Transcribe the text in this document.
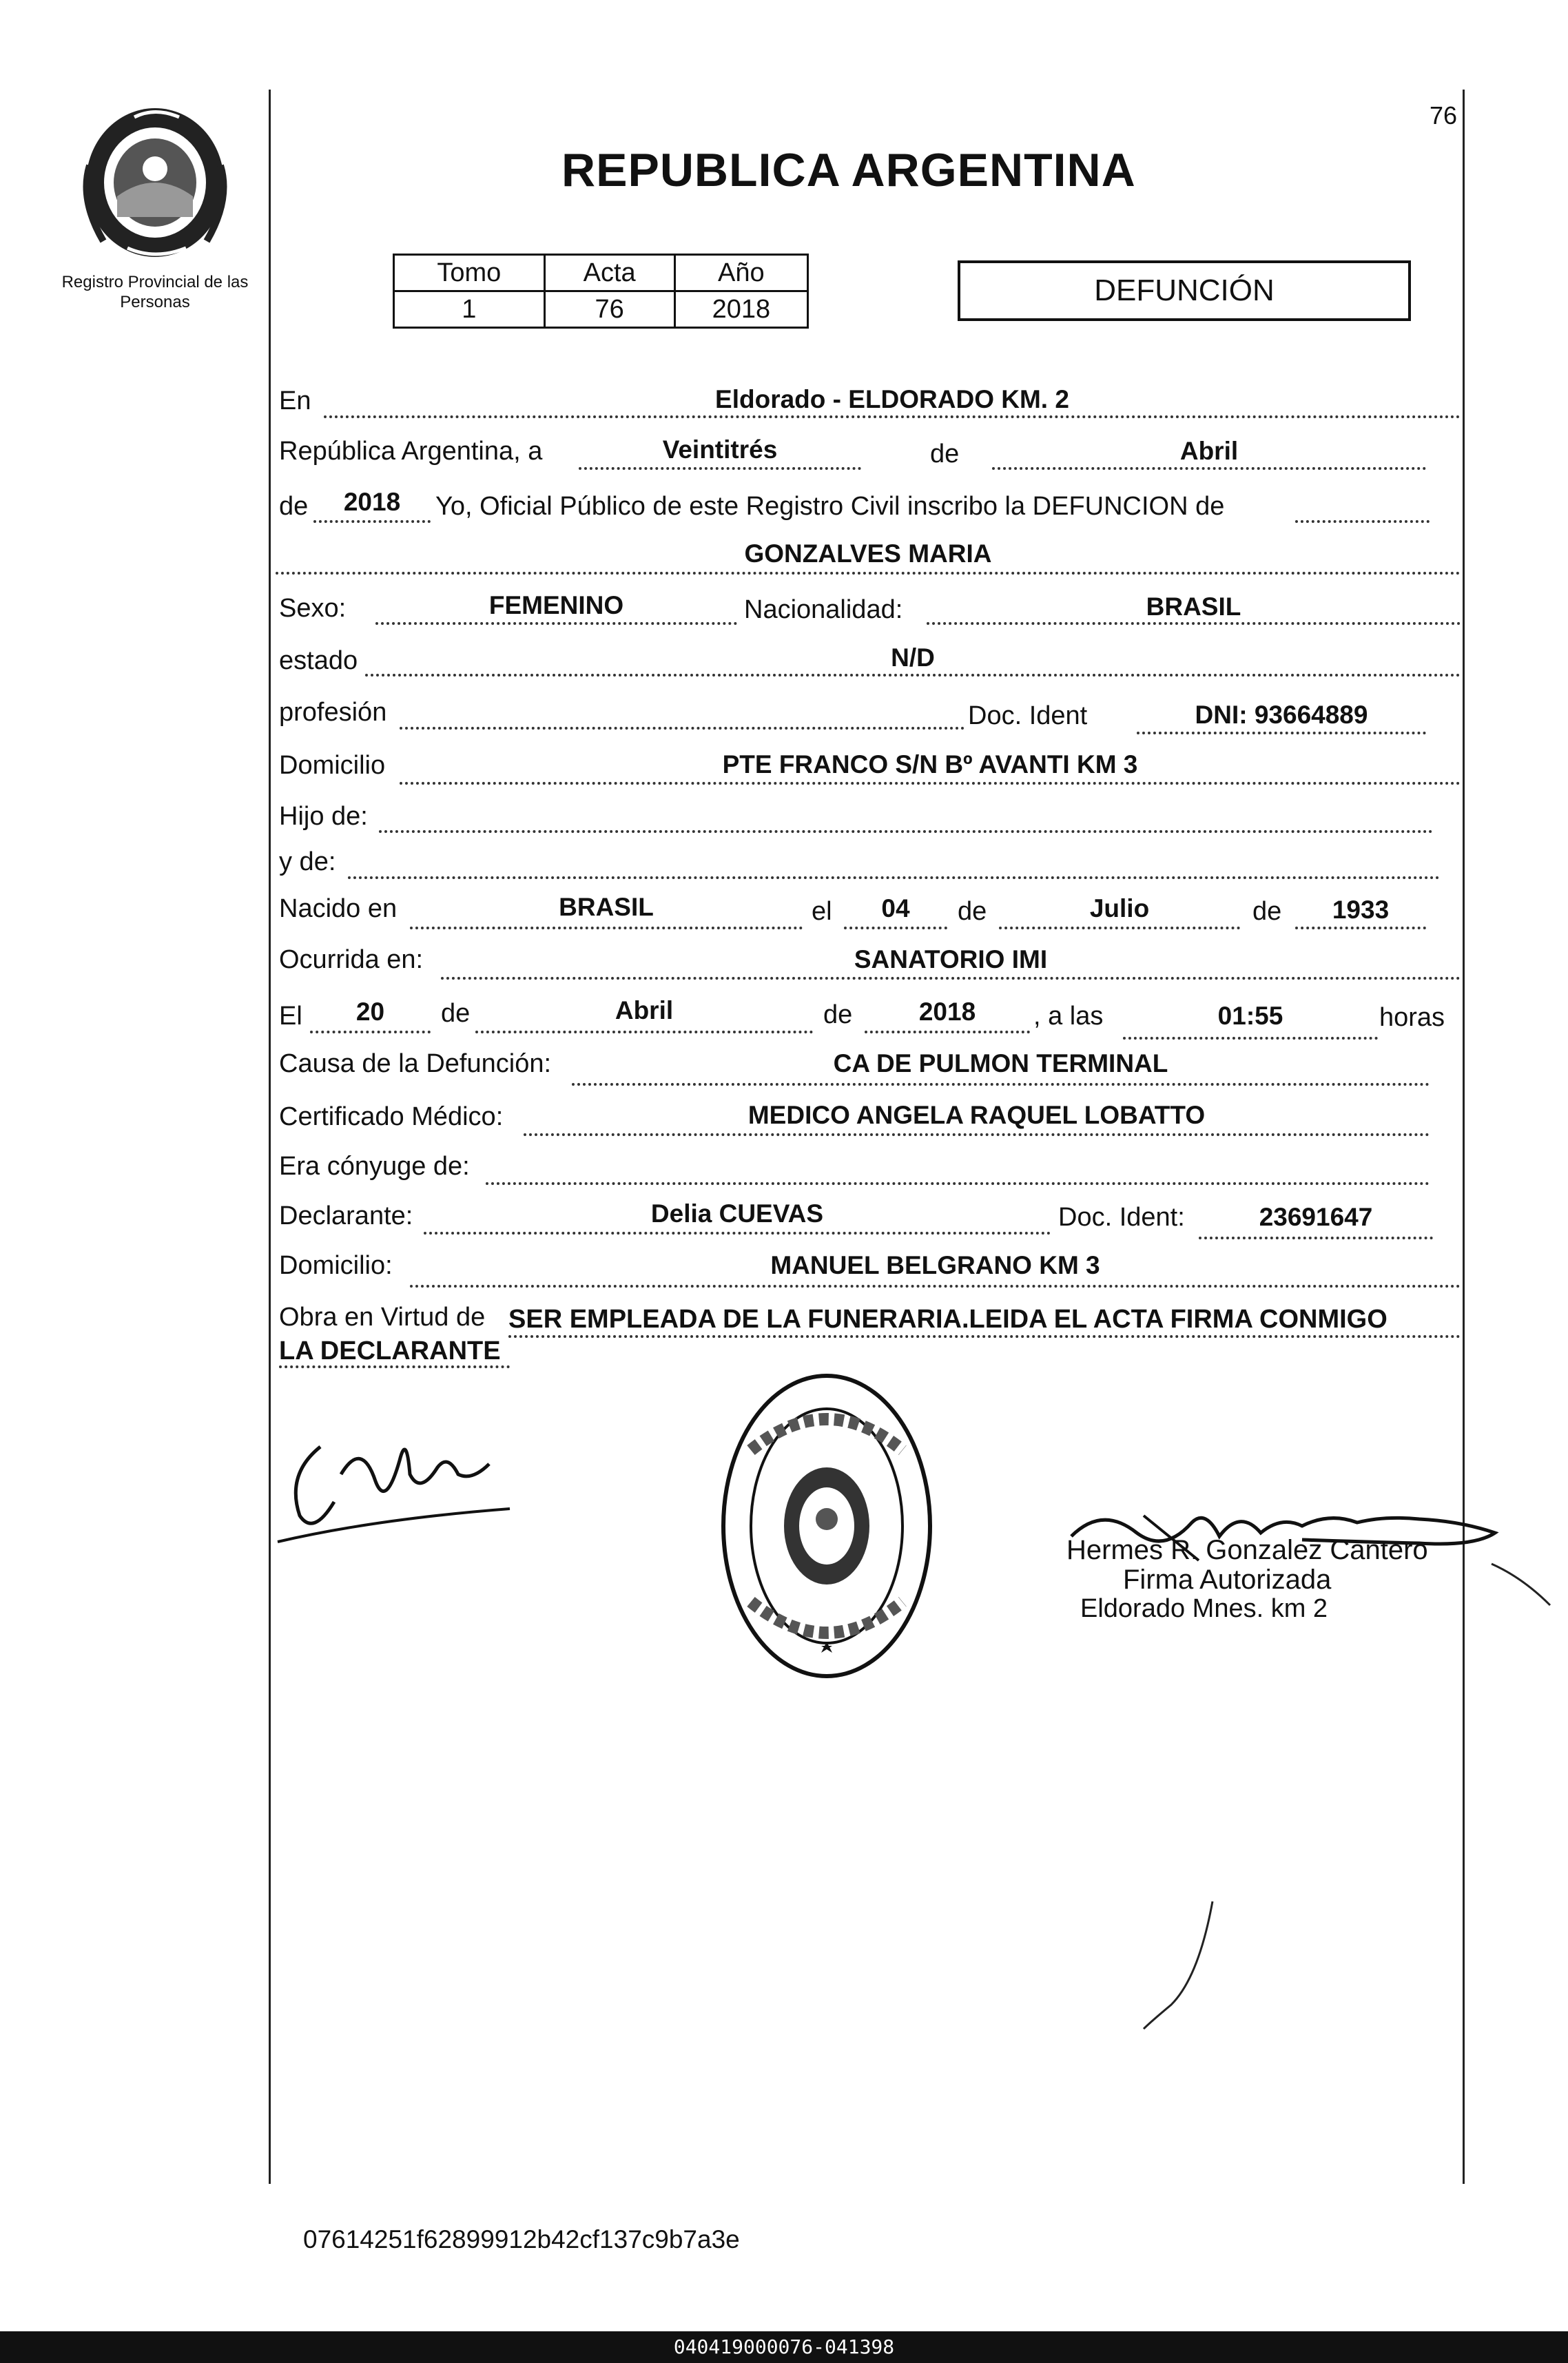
76
Registro Provincial de las Personas
REPUBLICA ARGENTINA
Tomo	Acta	Año
1	76	2018
DEFUNCIÓN
En	Eldorado - ELDORADO KM. 2
República Argentina, a	Veintitrés	de	Abril
de	2018	Yo, Oficial Público de este Registro Civil inscribo la DEFUNCION de
GONZALVES MARIA
Sexo:	FEMENINO	Nacionalidad:	BRASIL
estado	N/D
profesión	Doc. Ident	DNI: 93664889
Domicilio	PTE FRANCO S/N Bº AVANTI KM 3
Hijo de:
y de:
Nacido en	BRASIL	el	04	de	Julio	de	1933
Ocurrida en:	SANATORIO IMI
El	20	de	Abril	de	2018	, a las	01:55	horas
Causa de la Defunción:	CA DE PULMON TERMINAL
Certificado Médico:	MEDICO ANGELA RAQUEL LOBATTO
Era cónyuge de:
Declarante:	Delia CUEVAS	Doc. Ident:	23691647
Domicilio:	MANUEL BELGRANO KM 3
Obra en Virtud de SER EMPLEADA DE LA FUNERARIA.LEIDA EL ACTA FIRMA CONMIGO
LA DECLARANTE
Hermes R. Gonzalez Cantero
Firma Autorizada
Eldorado Mnes. km 2
07614251f62899912b42cf137c9b7a3e
040419000076-041398
